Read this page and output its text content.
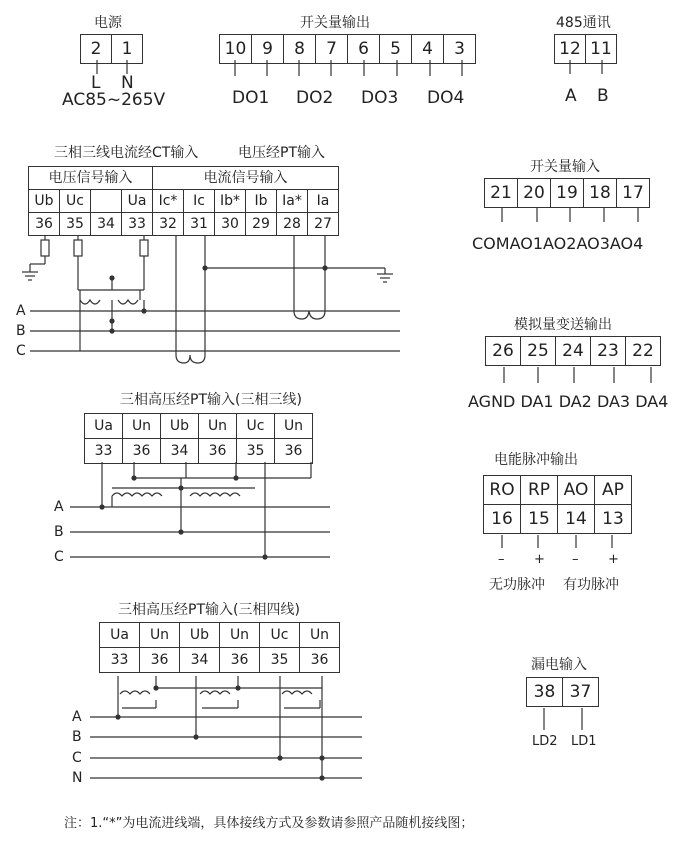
电源
2	1
L N
AC85~265V
开关量输出
10	9	8	7	6	5	4	3
DO1 DO2 DO3 DO4
485通讯
12	11
A B
三相三线电流经CT输入	电压经PT输入
电压信号输入				电流信号输入					
Ub	Uc		Ua	Ic*	Ic	Ib*	Ib	Ia*	Ia
36	35	34	33	32	31	30	29	28	27
A
B
C
开关量输入
21	20	19	18	17
COMAO1AO2AO3AO4
模拟量变送输出
26	25	24	23	22
AGND DA1 DA2 DA3 DA4
三相高压经PT输入(三相三线)
Ua	Un	Ub	Un	Uc	Un
33	36	34	36	35	36
A
B
C
电能脉冲输出
RO	RP	AO	AP
16	15	14	13
– + – +
无功脉冲 有功脉冲
三相高压经PT输入(三相四线)
Ua	Un	Ub	Un	Uc	Un
33	36	34	36	35	36
A
B
C
N
漏电输入
38	37
LD2 LD1
注：1.“*”为电流进线端，具体接线方式及参数请参照产品随机接线图；
